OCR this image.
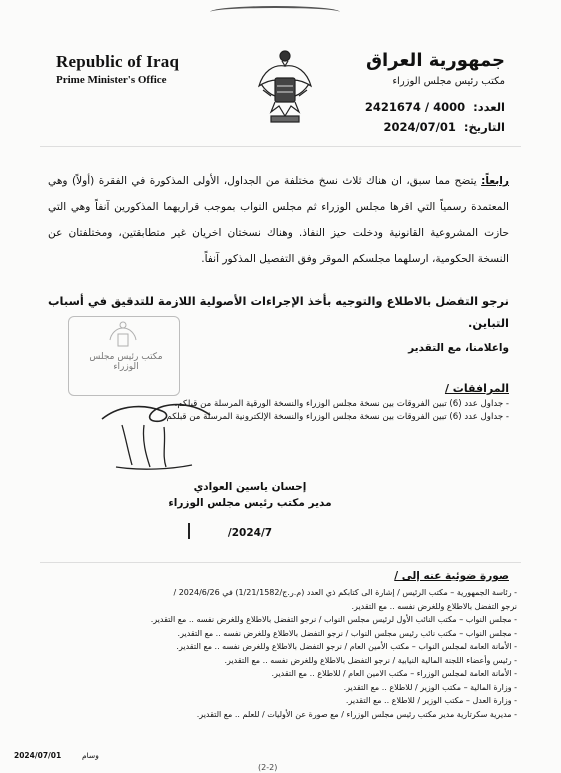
Republic of Iraq
Prime Minister's Office
جمهورية العراق
مكتب رئيس مجلس الوزراء
العدد: 2421674 / 4000
التاريخ: 2024/07/01
رابعاً: يتضح مما سبق، ان هناك ثلاث نسخ مختلفة من الجداول، الأولى المذكورة في الفقرة (أولاً) وهي المعتمدة رسمياً التي اقرها مجلس الوزراء ثم مجلس النواب بموجب قراريهما المذكورين آنفاً وهي التي حازت المشروعية القانونية ودخلت حيز النفاذ. وهناك نسختان اخريان غير متطابقتين، ومختلفتان عن النسخة الحكومية، ارسلهما مجلسكم الموقر وفق التفصيل المذكور آنفاً.
نرجو التفضل بالاطلاع والتوجيه بأخذ الإجراءات الأصولية اللازمة للتدقيق في أسباب التباين.
واعلامنا، مع التقدير
مكتب رئيس مجلس الوزراء
المرافقات /
- جداول عدد (6) تبين الفروقات بين نسخة مجلس الوزراء والنسخة الورقية المرسلة من قبلكم.
- جداول عدد (6) تبين الفروقات بين نسخة مجلس الوزراء والنسخة الإلكترونية المرسلة من قبلكم.
إحسان ياسين العوادي
مدير مكتب رئيس مجلس الوزراء
2024/7/
صورة ضوئية عنه إلى /
- رئاسة الجمهورية – مكتب الرئيس / إشارة الى كتابكم ذي العدد (م.ر.ج/1/21/1582) في 2024/6/26 /
نرجو التفضل بالاطلاع وللغرض نفسه .. مع التقدير.
- مجلس النواب – مكتب النائب الأول لرئيس مجلس النواب / نرجو التفضل بالاطلاع وللغرض نفسه .. مع التقدير.
- مجلس النواب – مكتب نائب رئيس مجلس النواب / نرجو التفضل بالاطلاع وللغرض نفسه .. مع التقدير.
- الأمانة العامة لمجلس النواب – مكتب الأمين العام / نرجو التفضل بالاطلاع وللغرض نفسه .. مع التقدير.
- رئيس وأعضاء اللجنة المالية النيابية / نرجو التفضل بالاطلاع وللغرض نفسه .. مع التقدير.
- الأمانة العامة لمجلس الوزراء – مكتب الامين العام / للاطلاع .. مع التقدير.
- وزارة المالية – مكتب الوزير / للاطلاع .. مع التقدير.
- وزارة العدل – مكتب الوزير / للاطلاع .. مع التقدير.
- مديرية سكرتارية مدير مكتب رئيس مجلس الوزراء / مع صورة عن الأوليات / للعلم .. مع التقدير.
2024/07/01	وسام
(2-2)
